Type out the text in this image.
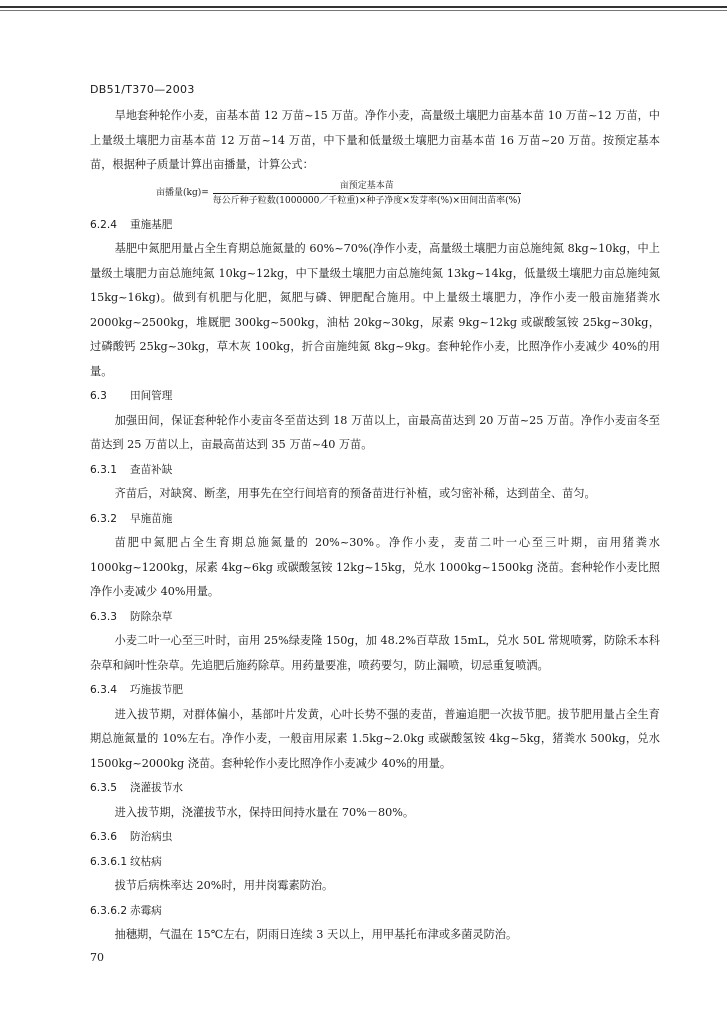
DB51/T370—2003

旱地套种轮作小麦，亩基本苗 12 万苗~15 万苗。净作小麦，高量级土壤肥力亩基本苗 10 万苗~12 万苗，中上量级土壤肥力亩基本苗 12 万苗~14 万苗，中下量和低量级土壤肥力亩基本苗 16 万苗~20 万苗。按预定基本苗，根据种子质量计算出亩播量，计算公式：

亩播量$(kg)= \frac{\text{亩预定基本苗}}{\text{每公斤种子粒数(1000000／千粒重)×种子净度×发芽率(\%)×田间出苗率(\%)}}$
6.2.4 重施基肥

基肥中氮肥用量占全生育期总施氮量的 60%~70%(净作小麦，高量级土壤肥力亩总施纯氮 8kg~10kg，中上量级土壤肥力亩总施纯氮 10kg~12kg，中下量级土壤肥力亩总施纯氮 13kg~14kg，低量级土壤肥力亩总施纯氮 15kg~16kg)。做到有机肥与化肥，氮肥与磷、钾肥配合施用。中上量级土壤肥力，净作小麦一般亩施猪粪水 2000kg~2500kg，堆厩肥 300kg~500kg，油枯 20kg~30kg，尿素 9kg~12kg 或碳酸氢铵 25kg~30kg，过磷酸钙 25kg~30kg，草木灰 100kg，折合亩施纯氮 8kg~9kg。套种轮作小麦，比照净作小麦减少 40%的用量。

6.3 田间管理

加强田间，保证套种轮作小麦亩冬至苗达到 18 万苗以上，亩最高苗达到 20 万苗~25 万苗。净作小麦亩冬至苗达到 25 万苗以上，亩最高苗达到 35 万苗~40 万苗。

6.3.1 查苗补缺

齐苗后，对缺窝、断垄，用事先在空行间培育的预备苗进行补植，或匀密补稀，达到苗全、苗匀。

6.3.2 早施苗施

苗肥中氮肥占全生育期总施氮量的 20%~30%。净作小麦，麦苗二叶一心至三叶期，亩用猪粪水 1000kg~1200kg，尿素 4kg~6kg 或碳酸氢铵 12kg~15kg，兑水 1000kg~1500kg 浇苗。套种轮作小麦比照净作小麦减少 40%用量。

6.3.3 防除杂草

小麦二叶一心至三叶时，亩用 25%绿麦隆 150g，加 48.2%百草敌 15mL，兑水 50L 常规喷雾，防除禾本科杂草和阔叶性杂草。先追肥后施药除草。用药量要准，喷药要匀，防止漏喷，切忌重复喷洒。

6.3.4 巧施拔节肥

进入拔节期，对群体偏小，基部叶片发黄，心叶长势不强的麦苗，普遍追肥一次拔节肥。拔节肥用量占全生育期总施氮量的 10%左右。净作小麦，一般亩用尿素 1.5kg~2.0kg 或碳酸氢铵 4kg~5kg，猪粪水 500kg，兑水 1500kg~2000kg 浇苗。套种轮作小麦比照净作小麦减少 40%的用量。

6.3.5 浇灌拔节水

进入拔节期，浇灌拔节水，保持田间持水量在 70%－80%。

6.3.6 防治病虫
6.3.6.1 纹枯病

拔节后病株率达 20%时，用井岗霉素防治。

6.3.6.2 赤霉病

抽穗期，气温在 15℃左右，阴雨日连续 3 天以上，用甲基托布津或多菌灵防治。

70
